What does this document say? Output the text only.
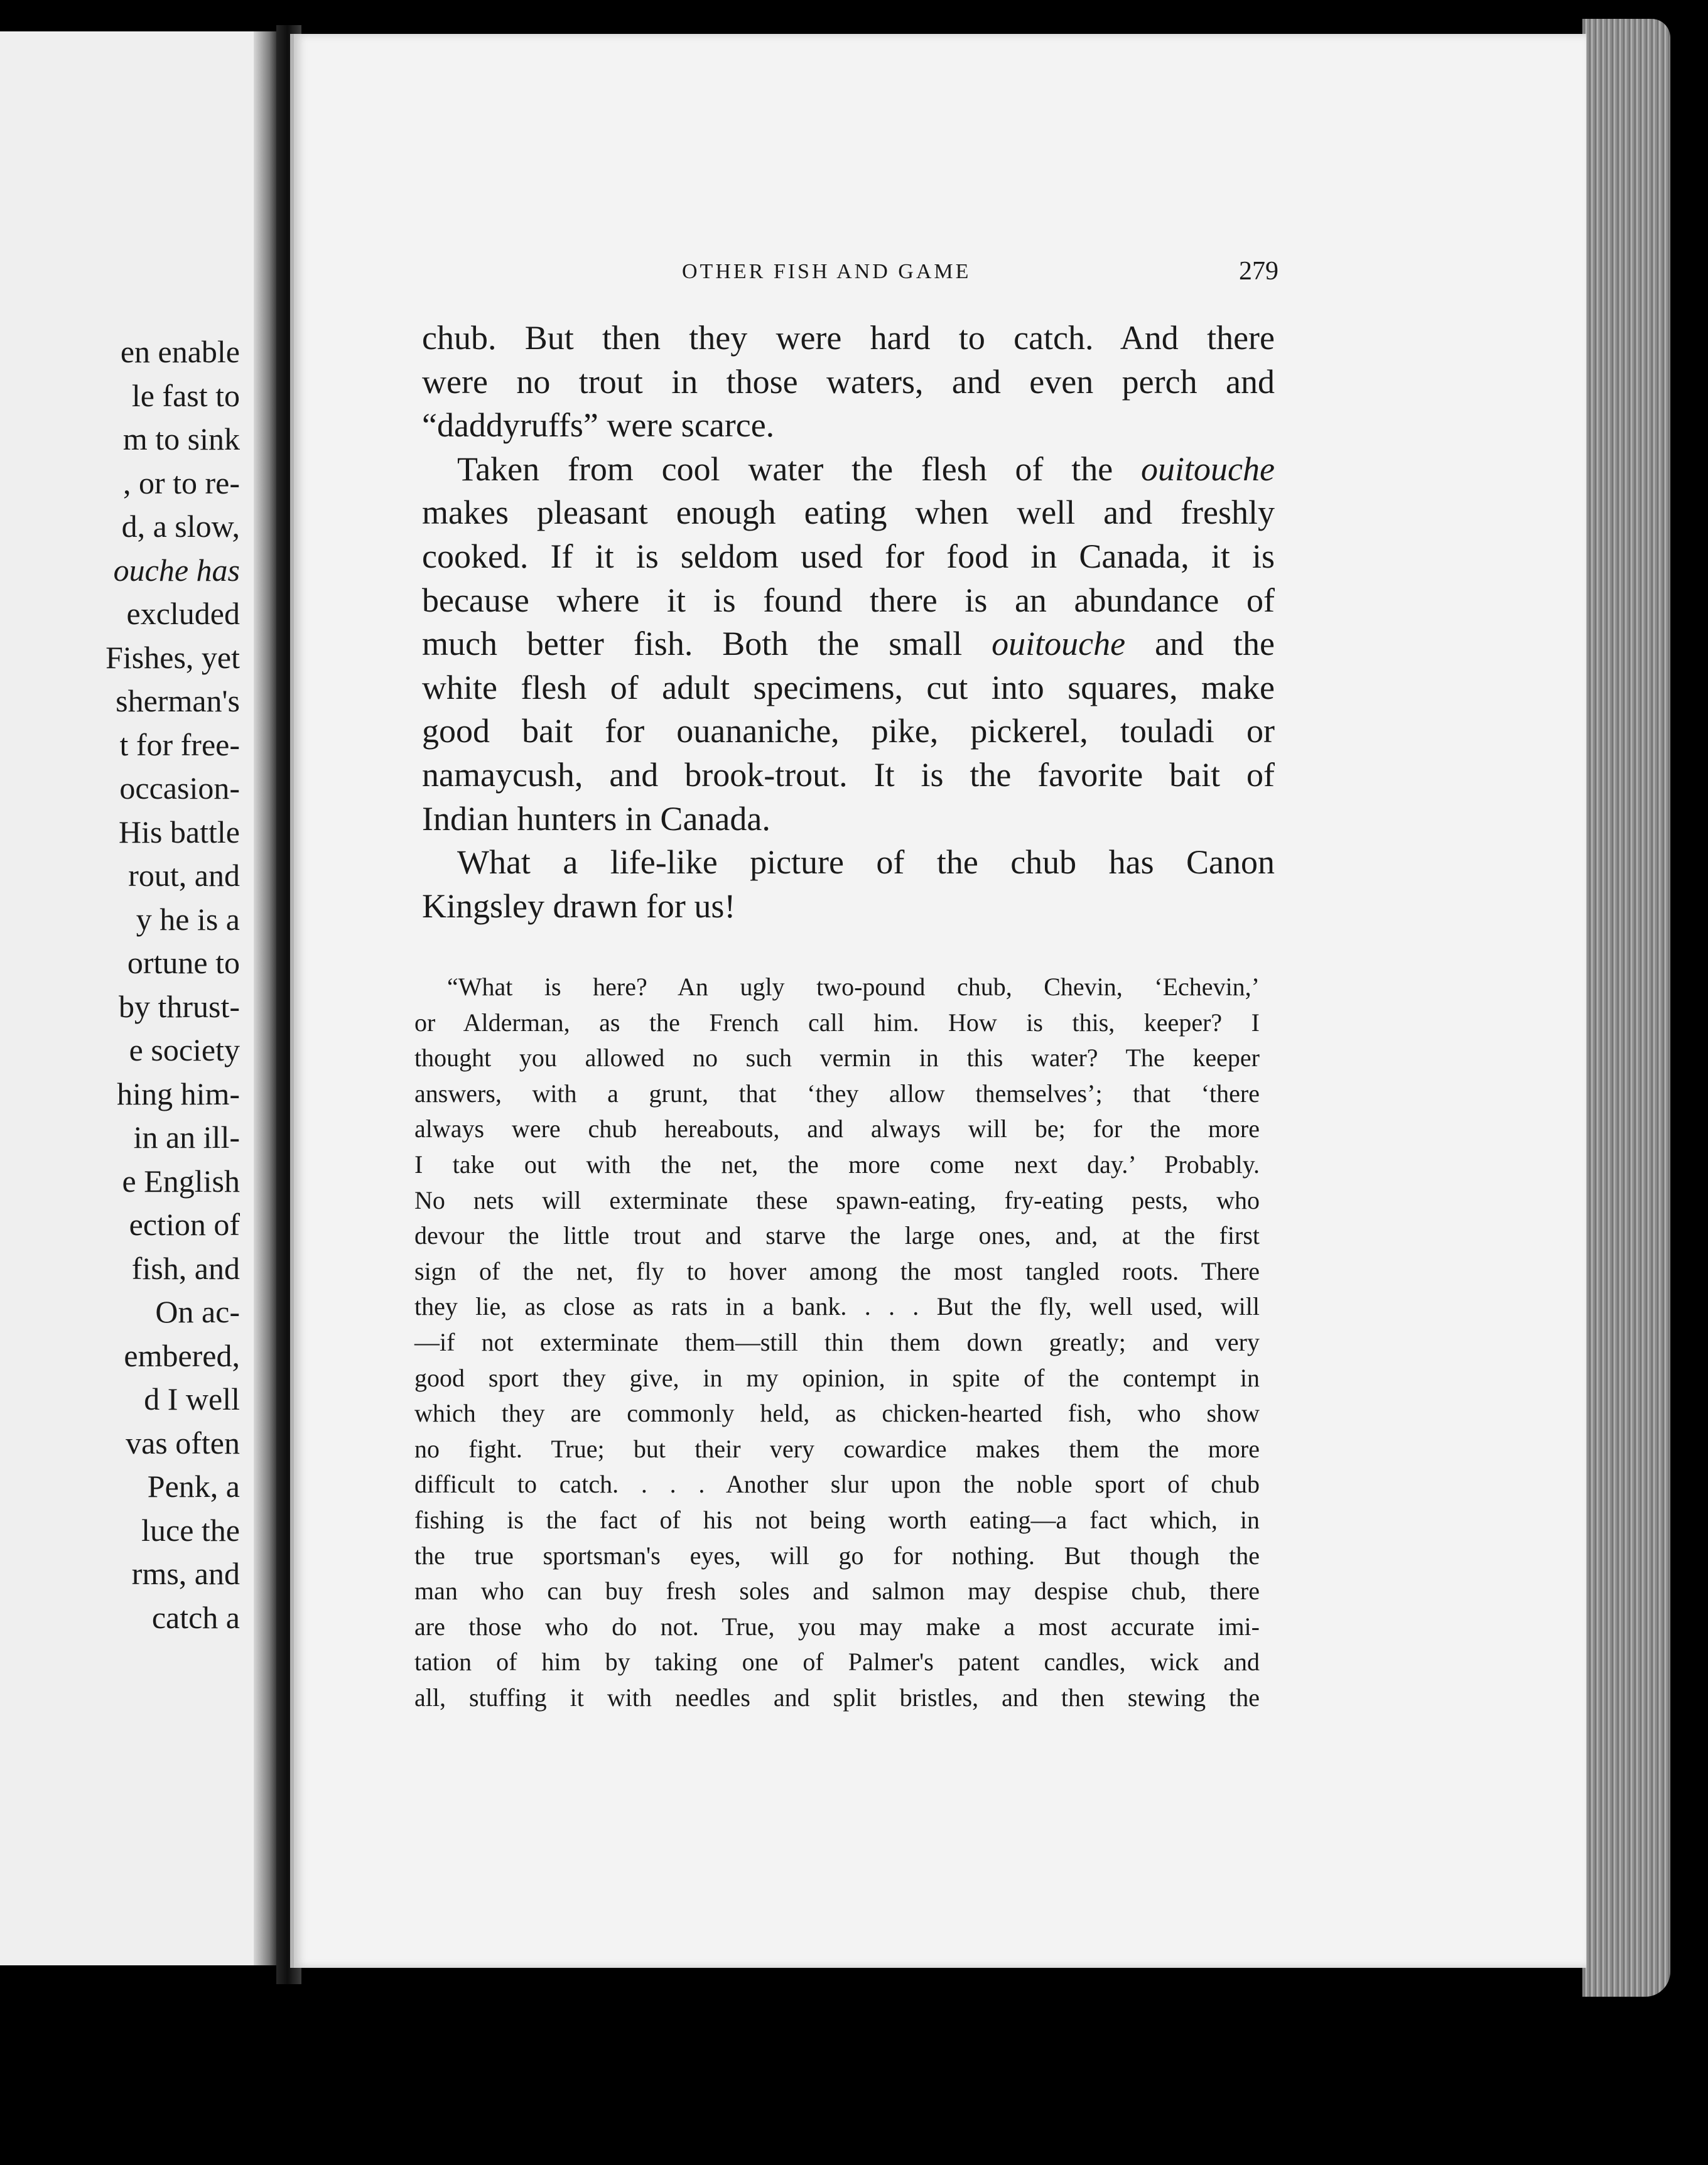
en enable
le fast to
m to sink
, or to re-
d, a slow,
ouche has
excluded
Fishes, yet
sherman's
t for free-
occasion-
His battle
rout, and
y he is a
ortune to
by thrust-
e society
hing him-
in an ill-
e English
ection of
fish, and
On ac-
embered,
d I well
vas often
Penk, a
luce the
rms, and
catch a
OTHER FISH AND GAME	279

chub. But then they were hard to catch. And there
were no trout in those waters, and even perch and
“daddyruffs” were scarce.

Taken from cool water the flesh of the ouitouche
makes pleasant enough eating when well and freshly
cooked. If it is seldom used for food in Canada, it is
because where it is found there is an abundance of
much better fish. Both the small ouitouche and the
white flesh of adult specimens, cut into squares, make
good bait for ouananiche, pike, pickerel, touladi or
namaycush, and brook-trout. It is the favorite bait of
Indian hunters in Canada.

What a life-like picture of the chub has Canon
Kingsley drawn for us!

“What is here? An ugly two-pound chub, Chevin, ‘Echevin,’
or Alderman, as the French call him. How is this, keeper? I
thought you allowed no such vermin in this water? The keeper
answers, with a grunt, that ‘they allow themselves’; that ‘there
always were chub hereabouts, and always will be; for the more
I take out with the net, the more come next day.’ Probably.
No nets will exterminate these spawn-eating, fry-eating pests, who
devour the little trout and starve the large ones, and, at the first
sign of the net, fly to hover among the most tangled roots. There
they lie, as close as rats in a bank. . . . But the fly, well used, will
—if not exterminate them—still thin them down greatly; and very
good sport they give, in my opinion, in spite of the contempt in
which they are commonly held, as chicken-hearted fish, who show
no fight. True; but their very cowardice makes them the more
difficult to catch. . . . Another slur upon the noble sport of chub
fishing is the fact of his not being worth eating—a fact which, in
the true sportsman's eyes, will go for nothing. But though the
man who can buy fresh soles and salmon may despise chub, there
are those who do not. True, you may make a most accurate imi-
tation of him by taking one of Palmer's patent candles, wick and
all, stuffing it with needles and split bristles, and then stewing the
